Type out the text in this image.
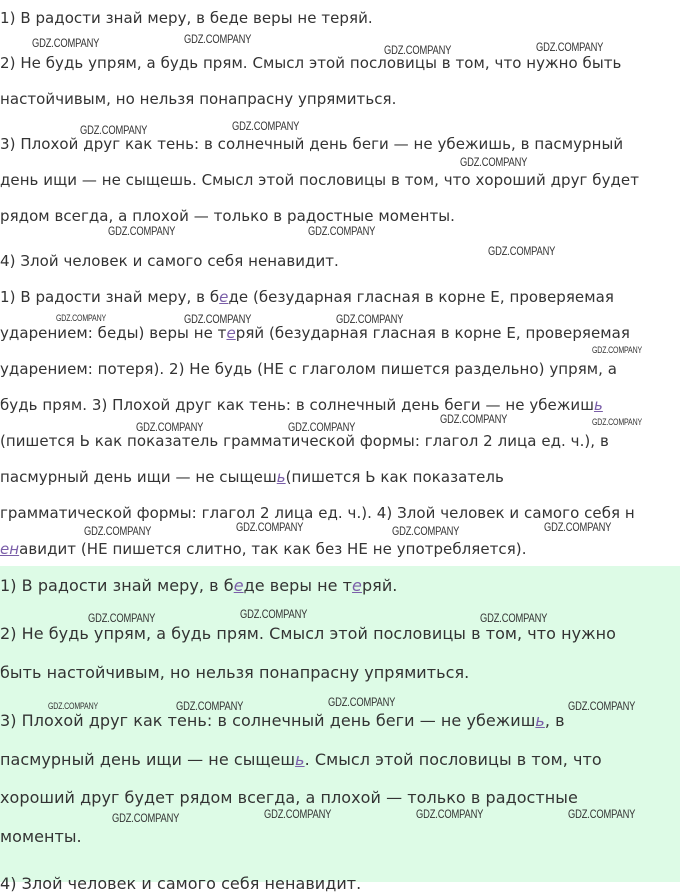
1) В радости знай меру, в беде веры не теряй.
2) Не будь упрям, а будь прям. Смысл этой пословицы в том, что нужно быть
настойчивым, но нельзя понапрасну упрямиться.
3) Плохой друг как тень: в солнечный день беги — не убежишь, в пасмурный
день ищи — не сыщешь. Смысл этой пословицы в том, что хороший друг будет
рядом всегда, а плохой — только в радостные моменты.
4) Злой человек и самого себя ненавидит.
1) В радости знай меру, в беде (безударная гласная в корне Е, проверяемая
ударением: беды) веры не теряй (безударная гласная в корне Е, проверяемая
ударением: потеря). 2) Не будь (НЕ с глаголом пишется раздельно) упрям, а
будь прям. 3) Плохой друг как тень: в солнечный день беги — не убежишь
(пишется Ь как показатель грамматической формы: глагол 2 лица ед. ч.), в
пасмурный день ищи — не сыщешь(пишется Ь как показатель
грамматической формы: глагол 2 лица ед. ч.). 4) Злой человек и самого себя н
енавидит (НЕ пишется слитно, так как без НЕ не употребляется).
GDZ.COMPANY	GDZ.COMPANY
GDZ.COMPANY	GDZ.COMPANY
GDZ.COMPANY	GDZ.COMPANY
GDZ.COMPANY
GDZ.COMPANY	GDZ.COMPANY
GDZ.COMPANY
GDZ.COMPANY	GDZ.COMPANY	GDZ.COMPANY
GDZ.COMPANY
GDZ.COMPANY	GDZ.COMPANY
GDZ.COMPANY	GDZ.COMPANY
GDZ.COMPANY	GDZ.COMPANY	GDZ.COMPANY	GDZ.COMPANY
1) В радости знай меру, в беде веры не теряй.
2) Не будь упрям, а будь прям. Смысл этой пословицы в том, что нужно
быть настойчивым, но нельзя понапрасну упрямиться.
3) Плохой друг как тень: в солнечный день беги — не убежишь, в
пасмурный день ищи — не сыщешь. Смысл этой пословицы в том, что
хороший друг будет рядом всегда, а плохой — только в радостные
моменты.
4) Злой человек и самого себя ненавидит.
GDZ.COMPANY	GDZ.COMPANY	GDZ.COMPANY
GDZ.COMPANY	GDZ.COMPANY	GDZ.COMPANY	GDZ.COMPANY
GDZ.COMPANY	GDZ.COMPANY	GDZ.COMPANY	GDZ.COMPANY
